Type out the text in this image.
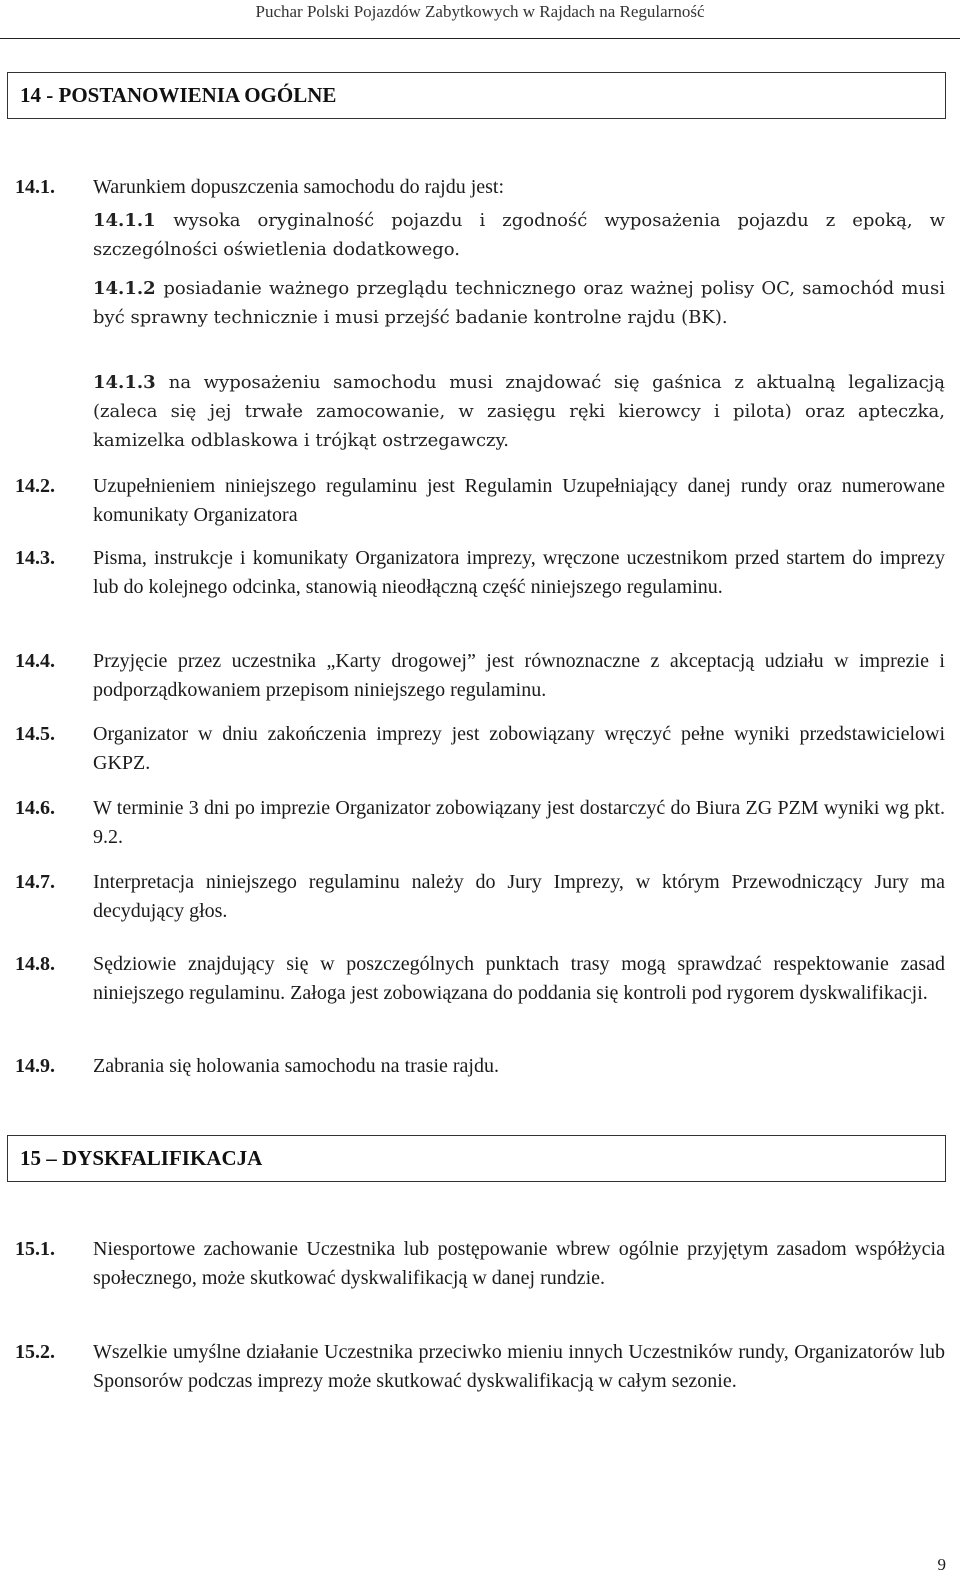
Puchar Polski Pojazdów Zabytkowych w Rajdach na Regularność
14 - POSTANOWIENIA OGÓLNE
14.1.	Warunkiem dopuszczenia samochodu do rajdu jest:
14.1.1 wysoka oryginalność pojazdu i zgodność wyposażenia pojazdu z epoką, w szczególności oświetlenia dodatkowego.
14.1.2 posiadanie ważnego przeglądu technicznego oraz ważnej polisy OC, samochód musi być sprawny technicznie i musi przejść badanie kontrolne rajdu (BK).
14.1.3 na wyposażeniu samochodu musi znajdować się gaśnica z aktualną legalizacją (zaleca się jej trwałe zamocowanie, w zasięgu ręki kierowcy i pilota) oraz apteczka, kamizelka odblaskowa i trójkąt ostrzegawczy.
14.2.	Uzupełnieniem niniejszego regulaminu jest Regulamin Uzupełniający danej rundy oraz numerowane komunikaty Organizatora
14.3.	Pisma, instrukcje i komunikaty Organizatora imprezy, wręczone uczestnikom przed startem do imprezy lub do kolejnego odcinka, stanowią nieodłączną część niniejszego regulaminu.
14.4.	Przyjęcie przez uczestnika „Karty drogowej” jest równoznaczne z akceptacją udziału w imprezie i podporządkowaniem przepisom niniejszego regulaminu.
14.5.	Organizator w dniu zakończenia imprezy jest zobowiązany wręczyć pełne wyniki przedstawicielowi GKPZ.
14.6.	W terminie 3 dni po imprezie Organizator zobowiązany jest dostarczyć do Biura ZG PZM wyniki wg pkt. 9.2.
14.7.	Interpretacja niniejszego regulaminu należy do Jury Imprezy, w którym Przewodniczący Jury ma decydujący głos.
14.8.	Sędziowie znajdujący się w poszczególnych punktach trasy mogą sprawdzać respektowanie zasad niniejszego regulaminu. Załoga jest zobowiązana do poddania się kontroli pod rygorem dyskwalifikacji.
14.9.	Zabrania się holowania samochodu na trasie rajdu.
15 – DYSKFALIFIKACJA
15.1.	Niesportowe zachowanie Uczestnika lub postępowanie wbrew ogólnie przyjętym zasadom współżycia społecznego, może skutkować dyskwalifikacją w danej rundzie.
15.2.	Wszelkie umyślne działanie Uczestnika przeciwko mieniu innych Uczestników rundy, Organizatorów lub Sponsorów podczas imprezy może skutkować dyskwalifikacją w całym sezonie.
9
